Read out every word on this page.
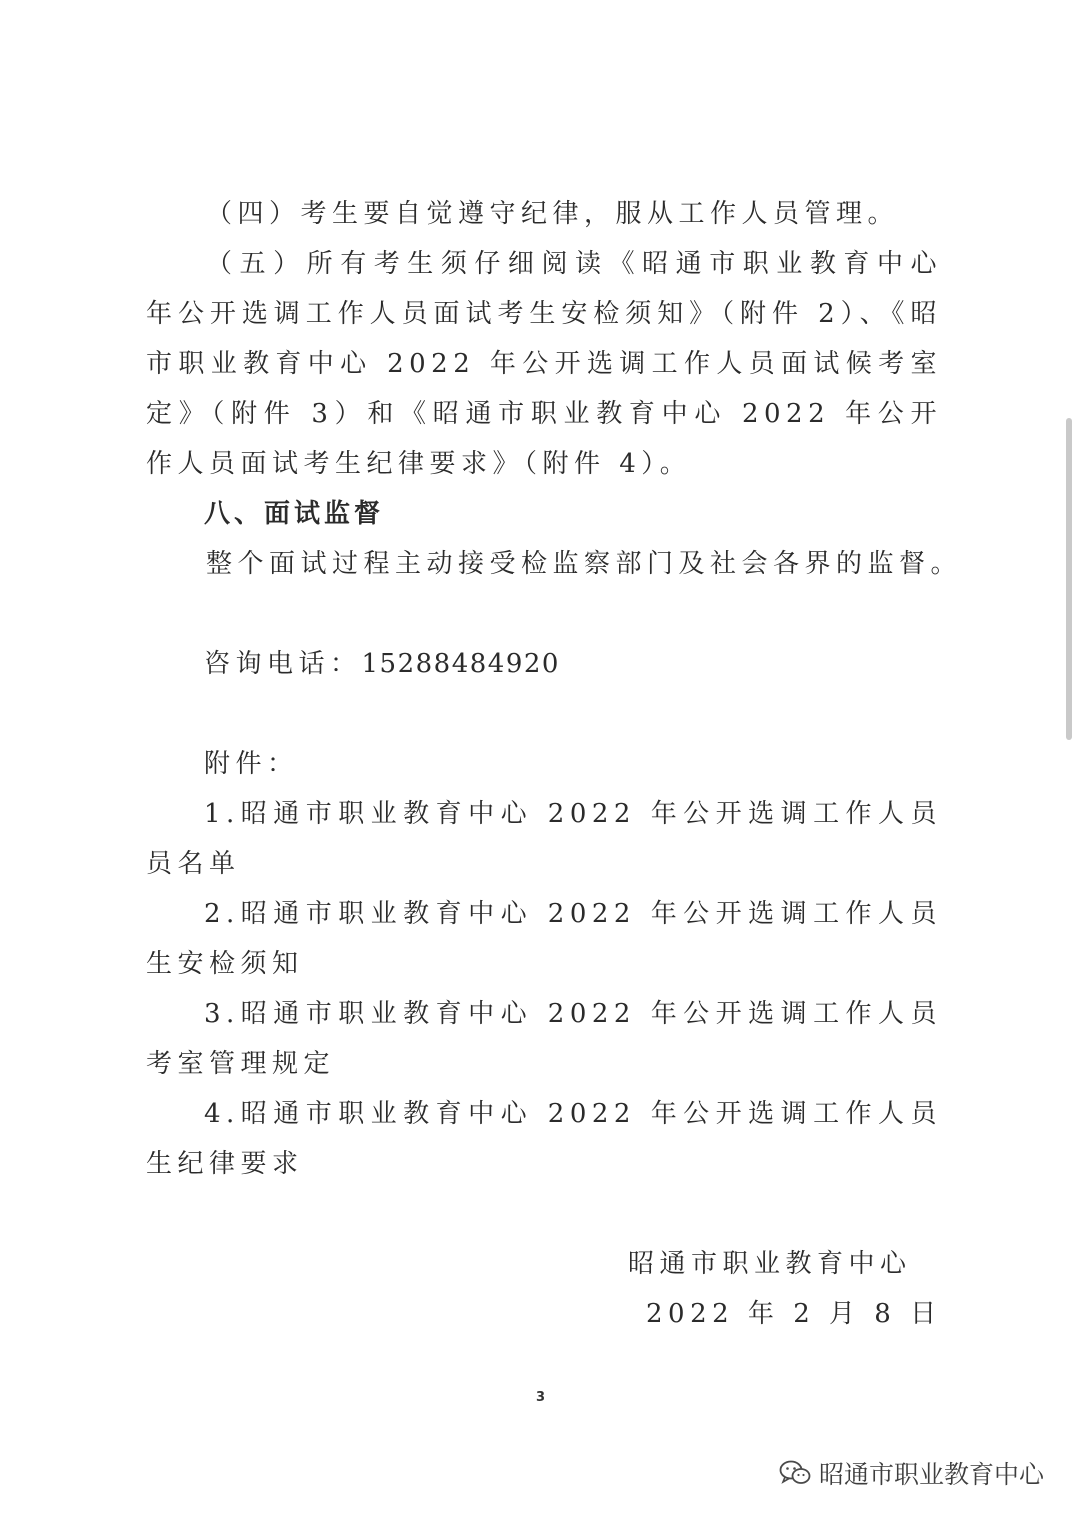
（四）考生要自觉遵守纪律，服从工作人员管理。
（五）所有考生须仔细阅读《昭通市职业教育中心
年公开选调工作人员面试考生安检须知》（附件 2）、《昭
市职业教育中心 2022 年公开选调工作人员面试候考室
定》（附件 3）和《昭通市职业教育中心 2022 年公开
作人员面试考生纪律要求》（附件 4）。
八、面试监督
整个面试过程主动接受检监察部门及社会各界的监督。
咨询电话：15288484920
附件：
1.昭通市职业教育中心 2022 年公开选调工作人员
员名单
2.昭通市职业教育中心 2022 年公开选调工作人员
生安检须知
3.昭通市职业教育中心 2022 年公开选调工作人员
考室管理规定
4.昭通市职业教育中心 2022 年公开选调工作人员
生纪律要求
昭通市职业教育中心
2022 年 2 月 8 日
3
昭通市职业教育中心
